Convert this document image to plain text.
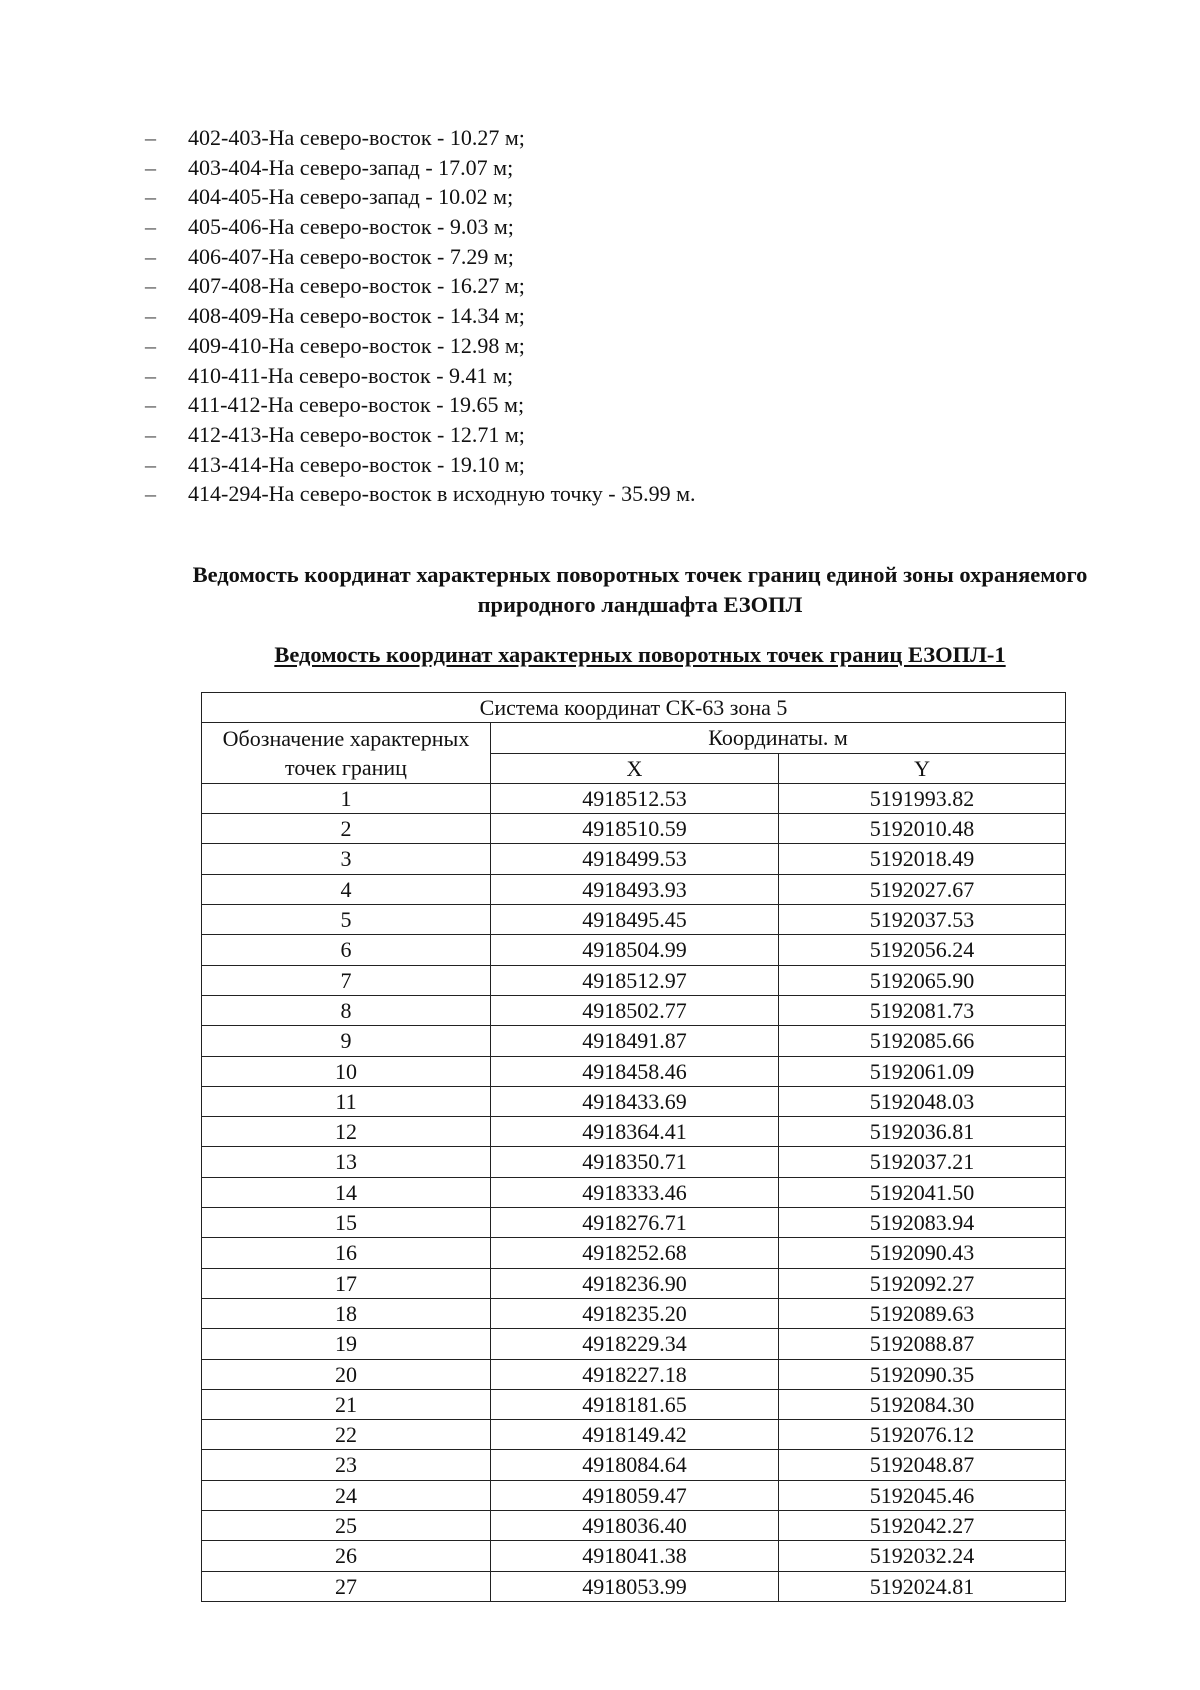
–	402-403-На северо-восток - 10.27 м;
–	403-404-На северо-запад - 17.07 м;
–	404-405-На северо-запад - 10.02 м;
–	405-406-На северо-восток - 9.03 м;
–	406-407-На северо-восток - 7.29 м;
–	407-408-На северо-восток - 16.27 м;
–	408-409-На северо-восток - 14.34 м;
–	409-410-На северо-восток - 12.98 м;
–	410-411-На северо-восток - 9.41 м;
–	411-412-На северо-восток - 19.65 м;
–	412-413-На северо-восток - 12.71 м;
–	413-414-На северо-восток - 19.10 м;
–	414-294-На северо-восток в исходную точку - 35.99 м.
Ведомость координат характерных поворотных точек границ единой зоны охраняемого
природного ландшафта ЕЗОПЛ
Ведомость координат характерных поворотных точек границ ЕЗОПЛ-1
Система координат СК-63 зона 5		
Обозначение характерных
точек границ	Координаты. м	
	X	Y
1	4918512.53	5191993.82
2	4918510.59	5192010.48
3	4918499.53	5192018.49
4	4918493.93	5192027.67
5	4918495.45	5192037.53
6	4918504.99	5192056.24
7	4918512.97	5192065.90
8	4918502.77	5192081.73
9	4918491.87	5192085.66
10	4918458.46	5192061.09
11	4918433.69	5192048.03
12	4918364.41	5192036.81
13	4918350.71	5192037.21
14	4918333.46	5192041.50
15	4918276.71	5192083.94
16	4918252.68	5192090.43
17	4918236.90	5192092.27
18	4918235.20	5192089.63
19	4918229.34	5192088.87
20	4918227.18	5192090.35
21	4918181.65	5192084.30
22	4918149.42	5192076.12
23	4918084.64	5192048.87
24	4918059.47	5192045.46
25	4918036.40	5192042.27
26	4918041.38	5192032.24
27	4918053.99	5192024.81
